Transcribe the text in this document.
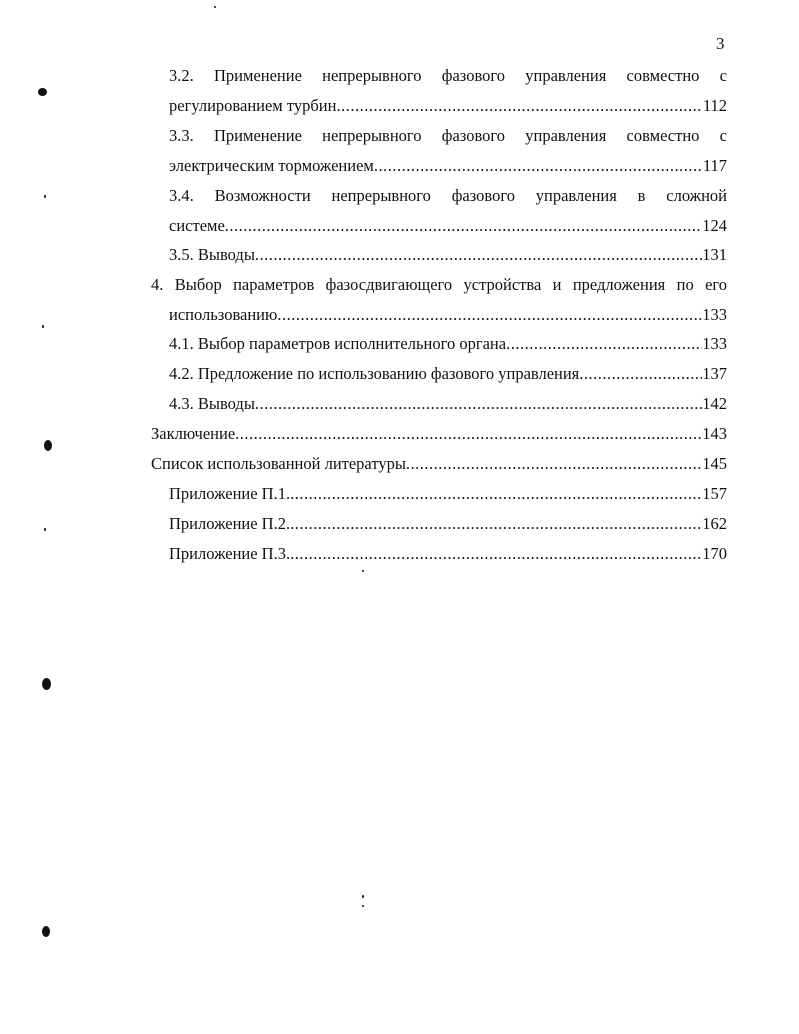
3
3.2. Применение непрерывного фазового управления совместно с
регулированием турбин .....	112
3.3. Применение непрерывного фазового управления совместно с
электрическим торможением .....	117
3.4. Возможности непрерывного фазового управления в сложной
системе .....	124
3.5. Выводы .....	131
4. Выбор параметров фазосдвигающего устройства и предложения по его
использованию .....	133
4.1. Выбор параметров исполнительного органа .....	133
4.2. Предложение по использованию фазового управления .....	137
4.3. Выводы .....	142
Заключение .....	143
Список использованной литературы .....	145
Приложение П.1. .....	157
Приложение П.2. .....	162
Приложение П.3. .....	170
